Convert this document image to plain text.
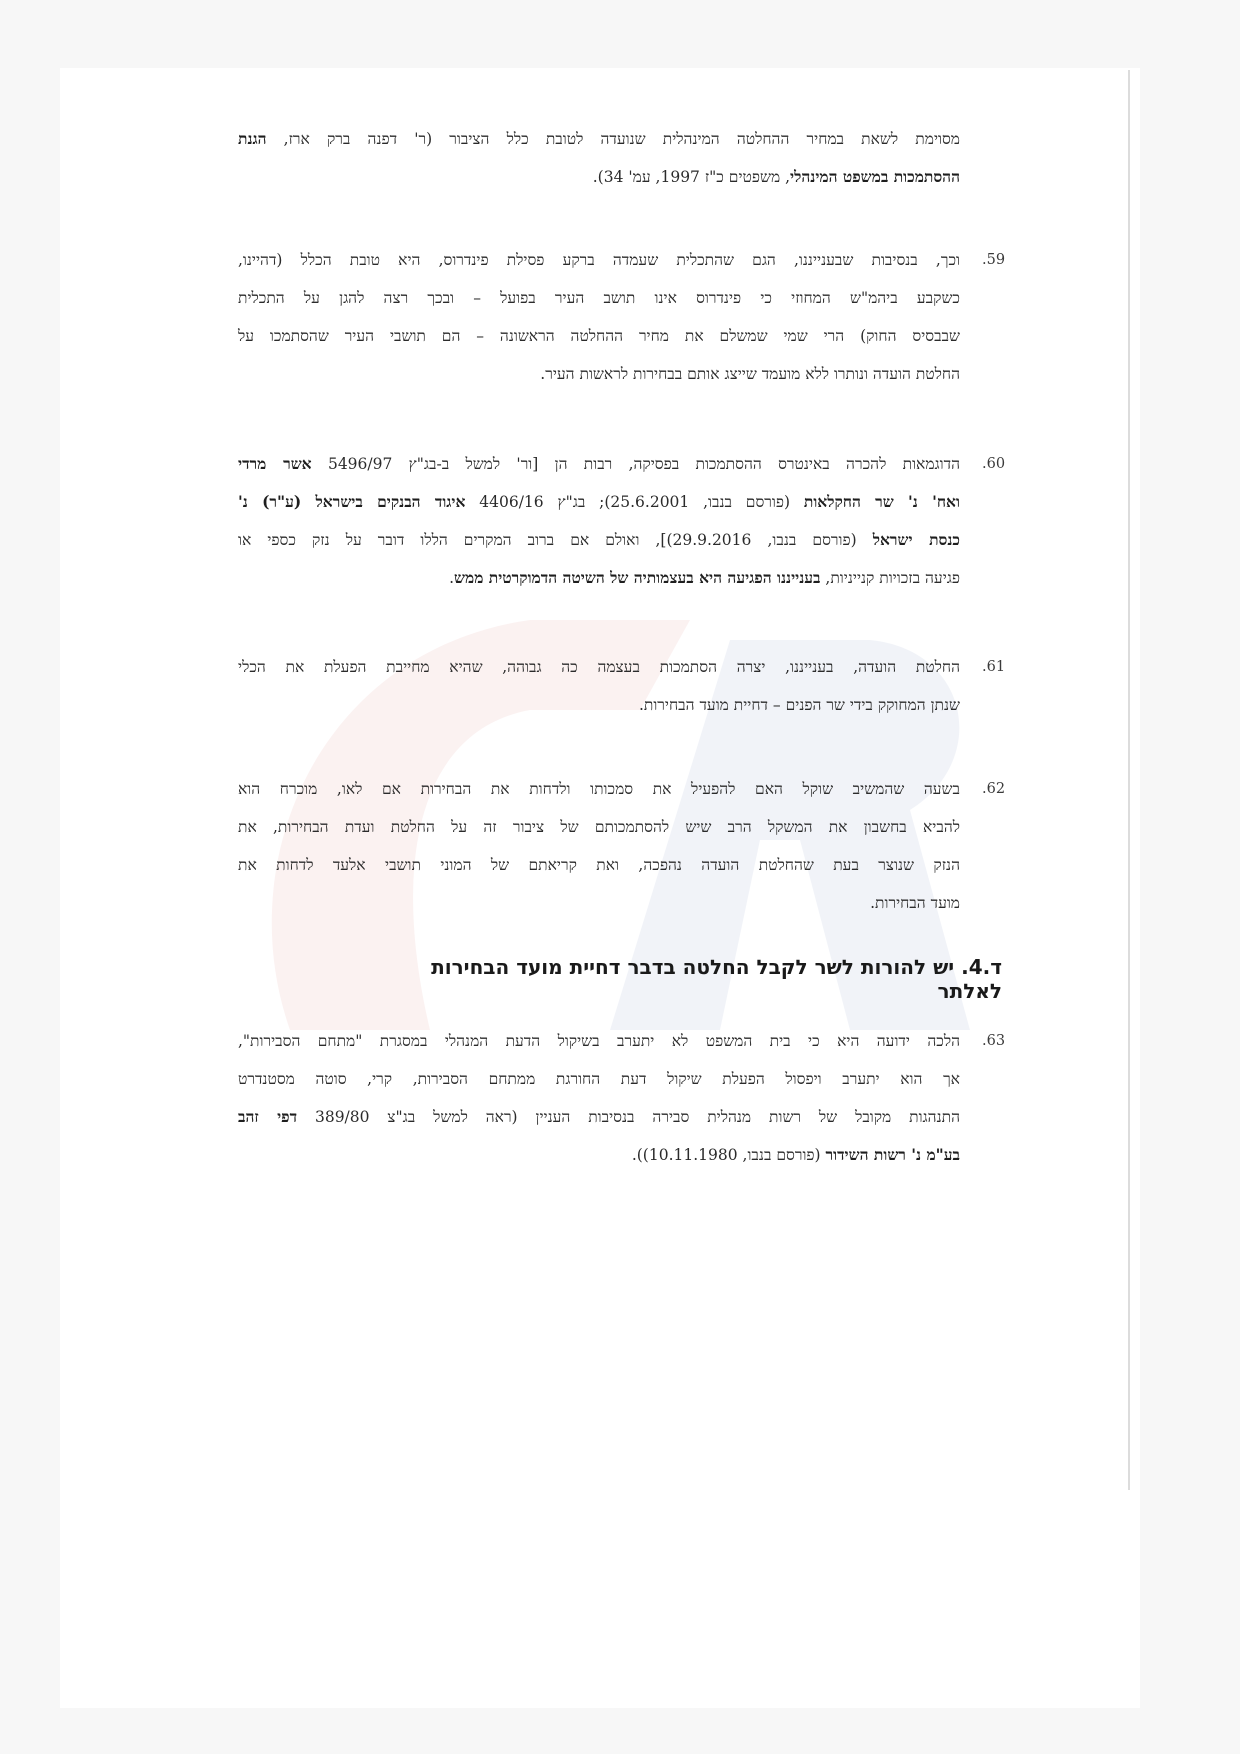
מסוימת לשאת במחיר ההחלטה המינהלית שנועדה לטובת כלל הציבור (ר' דפנה ברק ארז, הגנת
ההסתמכות במשפט המינהלי, משפטים כ"ז 1997, עמ' 34).
.59
וכך, בנסיבות שבענייננו, הגם שהתכלית שעמדה ברקע פסילת פינדרוס, היא טובת הכלל (דהיינו,
כשקבע ביהמ"ש המחוזי כי פינדרוס אינו תושב העיר בפועל – ובכך רצה להגן על התכלית
שבבסיס החוק) הרי שמי שמשלם את מחיר ההחלטה הראשונה – הם תושבי העיר שהסתמכו על
החלטת הועדה ונותרו ללא מועמד שייצג אותם בבחירות לראשות העיר.
.60
הדוגמאות להכרה באינטרס ההסתמכות בפסיקה, רבות הן [ור' למשל ב-בג"ץ 5496/97 אשר מרדי
ואח' נ' שר החקלאות (פורסם בנבו, 25.6.2001); בג"ץ 4406/16 איגוד הבנקים בישראל (ע"ר) נ'
כנסת ישראל (פורסם בנבו, 29.9.2016)], ואולם אם ברוב המקרים הללו דובר על נזק כספי או
פגיעה בזכויות קנייניות, בענייננו הפגיעה היא בעצמותיה של השיטה הדמוקרטית ממש.
.61
החלטת הועדה, בענייננו, יצרה הסתמכות בעצמה כה גבוהה, שהיא מחייבת הפעלת את הכלי
שנתן המחוקק בידי שר הפנים – דחיית מועד הבחירות.
.62
בשעה שהמשיב שוקל האם להפעיל את סמכותו ולדחות את הבחירות אם לאו, מוכרח הוא
להביא בחשבון את המשקל הרב שיש להסתמכותם של ציבור זה על החלטת ועדת הבחירות, את
הנזק שנוצר בעת שהחלטת הועדה נהפכה, ואת קריאתם של המוני תושבי אלעד לדחות את
מועד הבחירות.
ד.4. יש להורות לשר לקבל החלטה בדבר דחיית מועד הבחירות לאלתר
.63
הלכה ידועה היא כי בית המשפט לא יתערב בשיקול הדעת המנהלי במסגרת "מתחם הסבירות",
אך הוא יתערב ויפסול הפעלת שיקול דעת החורגת ממתחם הסבירות, קרי, סוטה מסטנדרט
התנהגות מקובל של רשות מנהלית סבירה בנסיבות העניין (ראה למשל בג"צ 389/80 דפי זהב
בע"מ נ' רשות השידור (פורסם בנבו, 10.11.1980)).
